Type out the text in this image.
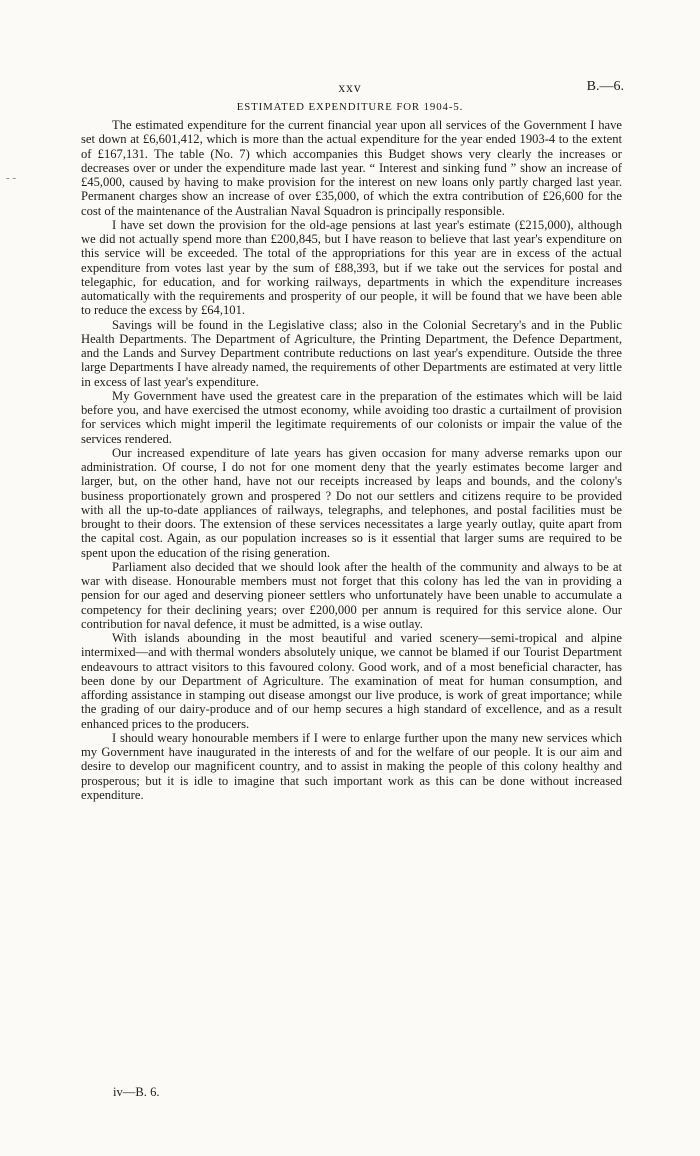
- -
xxv	B.—6.
ESTIMATED EXPENDITURE FOR 1904-5.

The estimated expenditure for the current financial year upon all services of the Government I have set down at £6,601,412, which is more than the actual expenditure for the year ended 1903-4 to the extent of £167,131. The table (No. 7) which accompanies this Budget shows very clearly the increases or decreases over or under the expenditure made last year. “ Interest and sinking fund ” show an increase of £45,000, caused by having to make provision for the interest on new loans only partly charged last year. Permanent charges show an increase of over £35,000, of which the extra contribution of £26,600 for the cost of the maintenance of the Australian Naval Squadron is principally responsible.

I have set down the provision for the old-age pensions at last year's estimate (£215,000), although we did not actually spend more than £200,845, but I have reason to believe that last year's expenditure on this service will be exceeded. The total of the appropriations for this year are in excess of the actual expenditure from votes last year by the sum of £88,393, but if we take out the services for postal and telegaphic, for education, and for working railways, departments in which the expenditure increases automatically with the requirements and prosperity of our people, it will be found that we have been able to reduce the excess by £64,101.

Savings will be found in the Legislative class; also in the Colonial Secretary's and in the Public Health Departments. The Department of Agriculture, the Printing Department, the Defence Department, and the Lands and Survey Department contribute reductions on last year's expenditure. Outside the three large Departments I have already named, the requirements of other Departments are estimated at very little in excess of last year's expenditure.

My Government have used the greatest care in the preparation of the estimates which will be laid before you, and have exercised the utmost economy, while avoiding too drastic a curtailment of provision for services which might imperil the legitimate requirements of our colonists or impair the value of the services rendered.

Our increased expenditure of late years has given occasion for many adverse remarks upon our administration. Of course, I do not for one moment deny that the yearly estimates become larger and larger, but, on the other hand, have not our receipts increased by leaps and bounds, and the colony's business proportionately grown and prospered ? Do not our settlers and citizens require to be provided with all the up-to-date appliances of railways, telegraphs, and telephones, and postal facilities must be brought to their doors. The extension of these services necessitates a large yearly outlay, quite apart from the capital cost. Again, as our population increases so is it essential that larger sums are required to be spent upon the education of the rising generation.

Parliament also decided that we should look after the health of the community and always to be at war with disease. Honourable members must not forget that this colony has led the van in providing a pension for our aged and deserving pioneer settlers who unfortunately have been unable to accumulate a competency for their declining years; over £200,000 per annum is required for this service alone. Our contribution for naval defence, it must be admitted, is a wise outlay.

With islands abounding in the most beautiful and varied scenery—semi-tropical and alpine intermixed—and with thermal wonders absolutely unique, we cannot be blamed if our Tourist Department endeavours to attract visitors to this favoured colony. Good work, and of a most beneficial character, has been done by our Department of Agriculture. The examination of meat for human consumption, and affording assistance in stamping out disease amongst our live produce, is work of great importance; while the grading of our dairy-produce and of our hemp secures a high standard of excellence, and as a result enhanced prices to the producers.

I should weary honourable members if I were to enlarge further upon the many new services which my Government have inaugurated in the interests of and for the welfare of our people. It is our aim and desire to develop our magnificent country, and to assist in making the people of this colony healthy and prosperous; but it is idle to imagine that such important work as this can be done without increased expenditure.

iv—B. 6.
